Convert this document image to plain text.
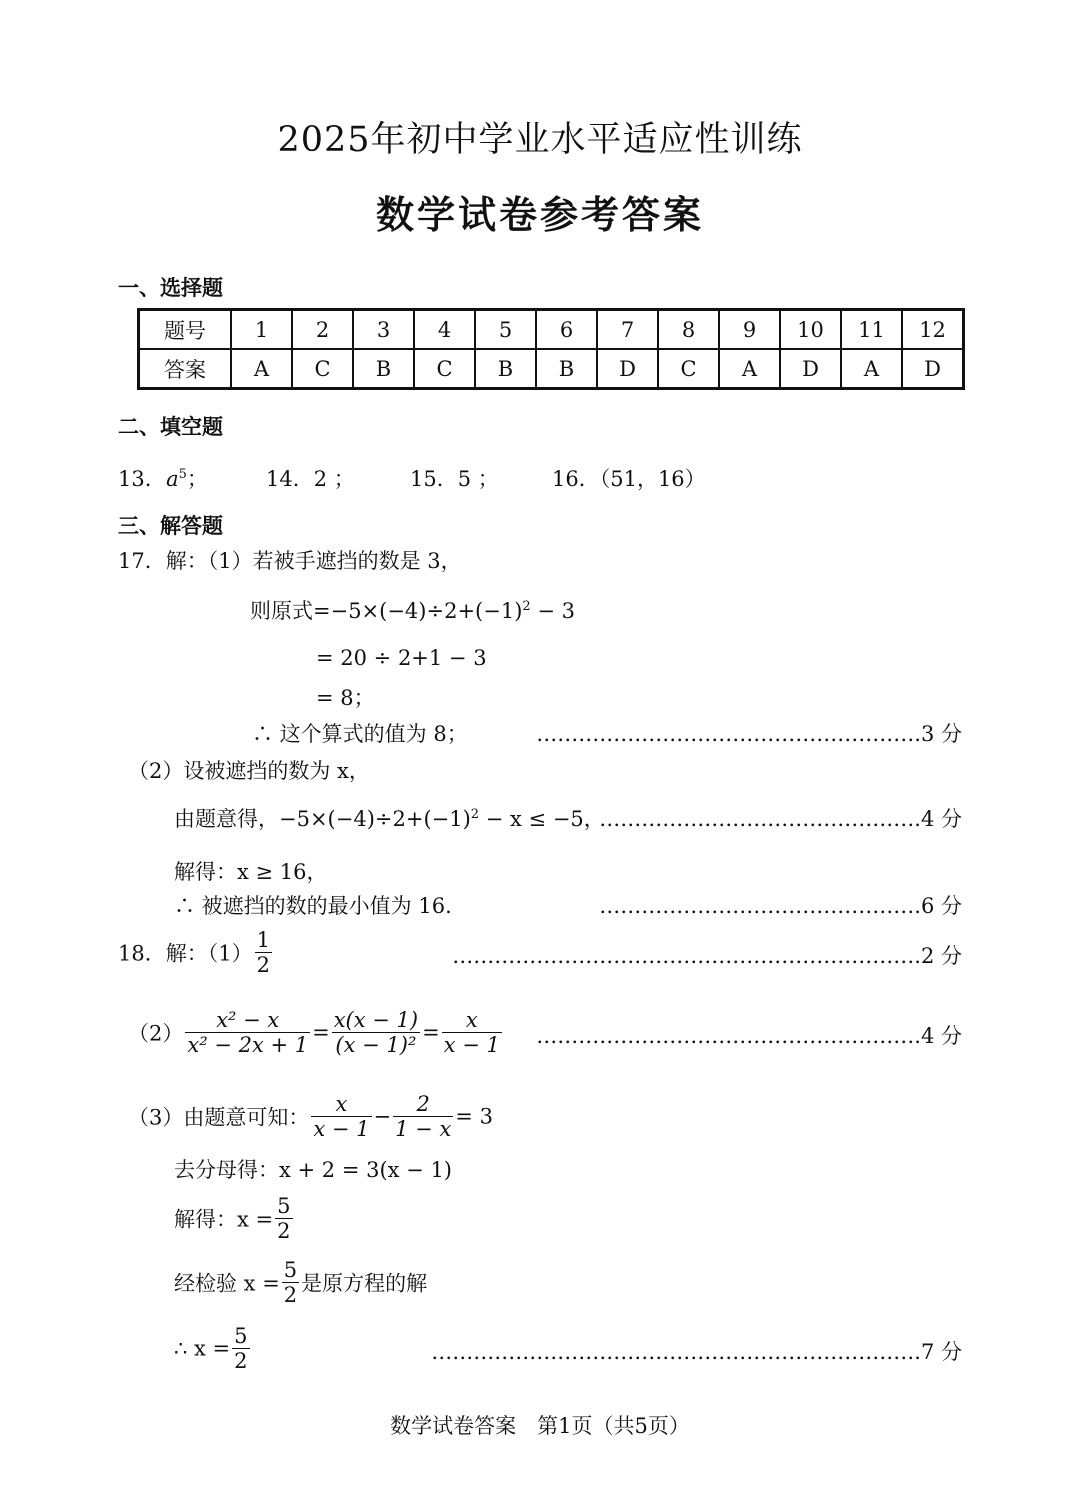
2025年初中学业水平适应性训练
数学试卷参考答案
一、选择题
题号	1	2	3	4	5	6	7	8	9	10	11	12
答案	A	C	B	C	B	B	D	C	A	D	A	D
二、填空题
13. $a^5$；	14．2 ；	15．5 ；	16．（51，16）
三、解答题
17．解：（1）若被手遮挡的数是 3，
则原式$=-5\times(-4)\div 2+(-1)^2 - 3$
= 20 ÷ 2+1 − 3
= 8；
∴ 这个算式的值为 8；	……………………………………………….3 分
（2）设被遮挡的数为 x，
由题意得，$-5\times(-4)\div 2+(-1)^2 - x \le -5$，
……………………………………….4 分
解得：x ≥ 16，
∴ 被遮挡的数的最小值为 16.	……………………………………….6 分
18．解：$(1) \frac{1}{2}$	………………………………………………………….2 分
$(2) \frac{\text{x² − x}}{\text{x² − 2x + 1}} = \frac{x(x - 1)}{\text{(x − 1)²}} = \frac{x}{x - 1}$ ……………………………………………….4 分
（3）由题意可知： $\frac{x}{x - 1} - \frac{2}{1 - x} = 3$
去分母得：x + 2 = 3(x − 1)
解得：$x = \frac{5}{2}$
经检验 $x = \frac{5}{2}$ 是原方程的解
∴ $x = \frac{5}{2}$	…………………………………………………………….7 分
数学试卷答案　第1页（共5页）
